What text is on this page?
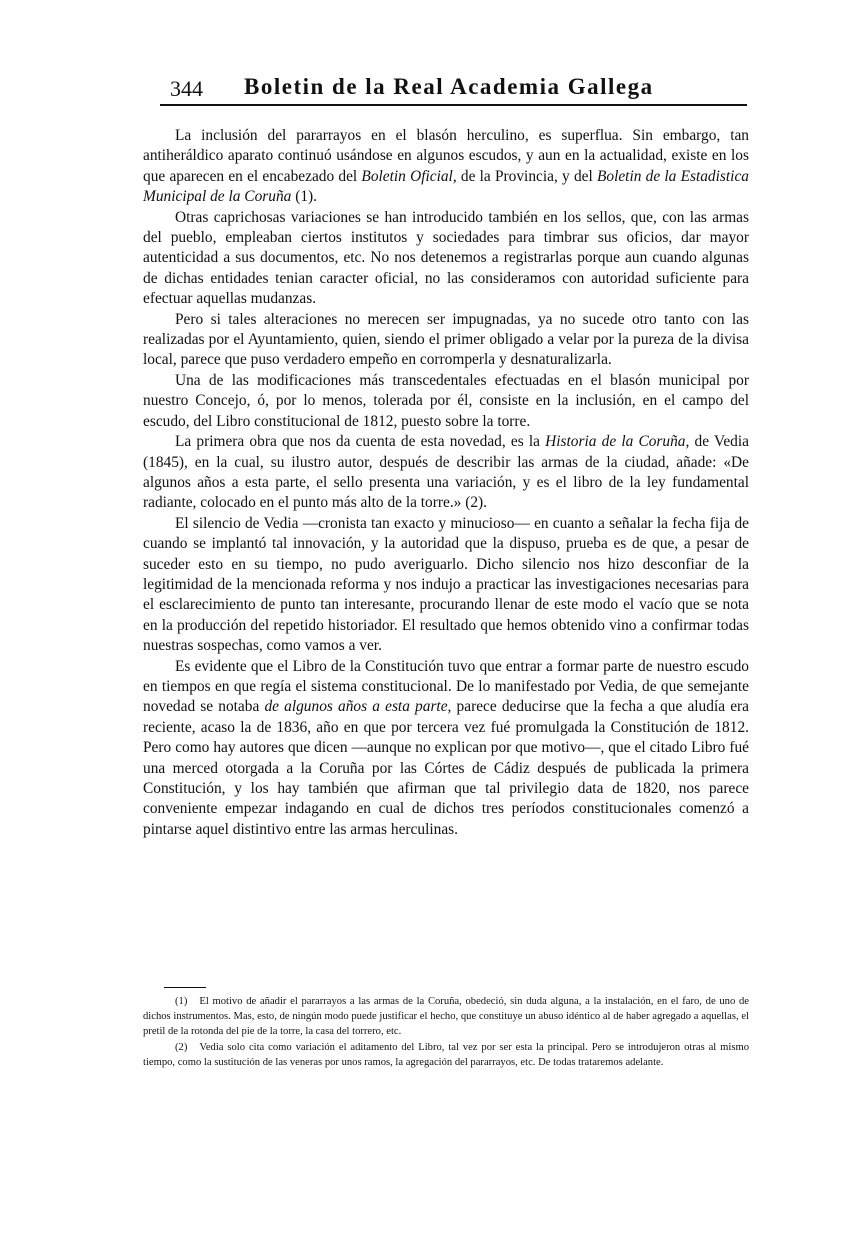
344 Boletin de la Real Academia Gallega

La inclusión del pararrayos en el blasón herculino, es superflua. Sin embargo, tan antiheráldico aparato continuó usándose en algunos escudos, y aun en la actualidad, existe en los que aparecen en el encabezado del Boletin Oficial, de la Provincia, y del Boletin de la Estadistica Municipal de la Coruña (1).

Otras caprichosas variaciones se han introducido también en los sellos, que, con las armas del pueblo, empleaban ciertos institutos y sociedades para timbrar sus oficios, dar mayor autenticidad a sus documentos, etc. No nos detenemos a registrarlas porque aun cuando algunas de dichas entidades tenian caracter oficial, no las consideramos con autoridad suficiente para efectuar aquellas mudanzas.

Pero si tales alteraciones no merecen ser impugnadas, ya no sucede otro tanto con las realizadas por el Ayuntamiento, quien, siendo el primer obligado a velar por la pureza de la divisa local, parece que puso verdadero empeño en corromperla y desnaturalizarla.

Una de las modificaciones más transcedentales efectuadas en el blasón municipal por nuestro Concejo, ó, por lo menos, tolerada por él, consiste en la inclusión, en el campo del escudo, del Libro constitucional de 1812, puesto sobre la torre.

La primera obra que nos da cuenta de esta novedad, es la Historia de la Coruña, de Vedia (1845), en la cual, su ilustro autor, después de describir las armas de la ciudad, añade: «De algunos años a esta parte, el sello presenta una variación, y es el libro de la ley fundamental radiante, colocado en el punto más alto de la torre.» (2).

El silencio de Vedia —cronista tan exacto y minucioso— en cuanto a señalar la fecha fija de cuando se implantó tal innovación, y la autoridad que la dispuso, prueba es de que, a pesar de suceder esto en su tiempo, no pudo averiguarlo. Dicho silencio nos hizo desconfiar de la legitimidad de la mencionada reforma y nos indujo a practicar las investigaciones necesarias para el esclarecimiento de punto tan interesante, procurando llenar de este modo el vacío que se nota en la producción del repetido historiador. El resultado que hemos obtenido vino a confirmar todas nuestras sospechas, como vamos a ver.

Es evidente que el Libro de la Constitución tuvo que entrar a formar parte de nuestro escudo en tiempos en que regía el sistema constitucional. De lo manifestado por Vedia, de que semejante novedad se notaba de algunos años a esta parte, parece deducirse que la fecha a que aludía era reciente, acaso la de 1836, año en que por tercera vez fué promulgada la Constitución de 1812. Pero como hay autores que dicen —aunque no explican por que motivo—, que el citado Libro fué una merced otorgada a la Coruña por las Córtes de Cádiz después de publicada la primera Constitución, y los hay también que afirman que tal privilegio data de 1820, nos parece conveniente empezar indagando en cual de dichos tres períodos constitucionales comenzó a pintarse aquel distintivo entre las armas herculinas.

(1) El motivo de añadir el pararrayos a las armas de la Coruña, obedeció, sin duda alguna, a la instalación, en el faro, de uno de dichos instrumentos. Mas, esto, de ningún modo puede justificar el hecho, que constituye un abuso idéntico al de haber agregado a aquellas, el pretil de la rotonda del pie de la torre, la casa del torrero, etc.

(2) Vedia solo cita como variación el aditamento del Libro, tal vez por ser esta la principal. Pero se introdujeron otras al mismo tiempo, como la sustitución de las veneras por unos ramos, la agregación del pararrayos, etc. De todas trataremos adelante.
